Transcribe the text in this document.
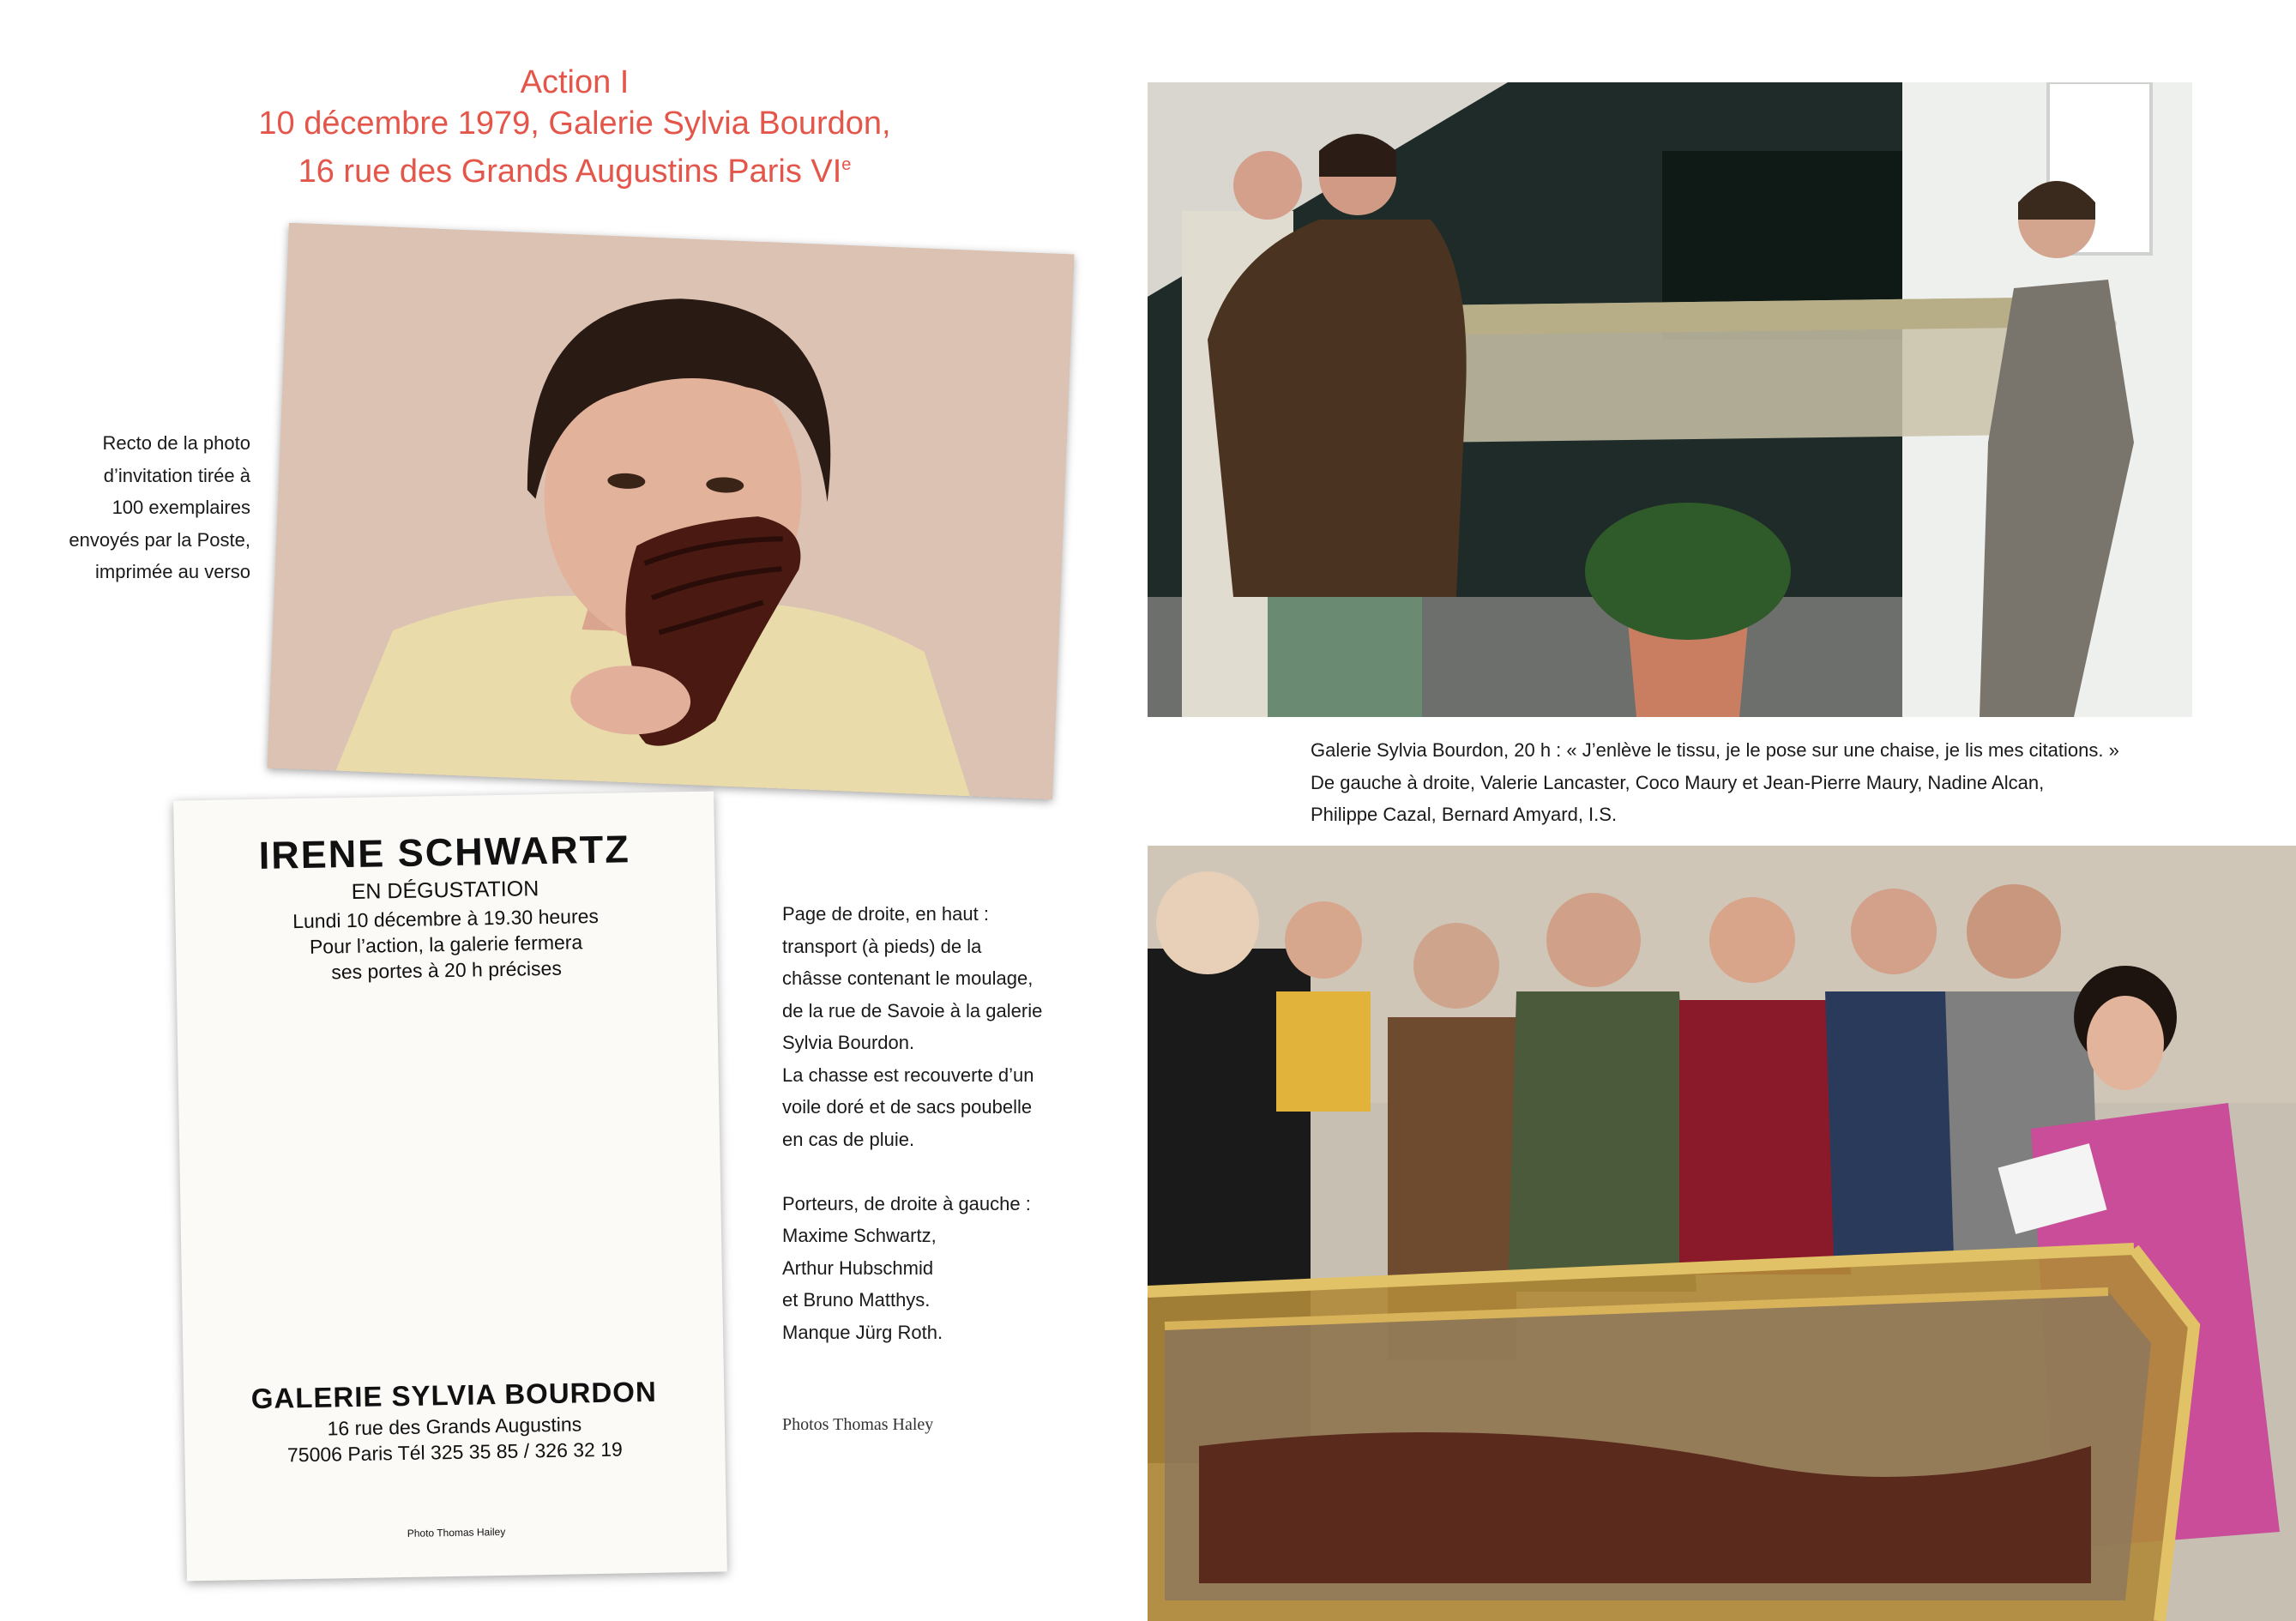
Action I
10 décembre 1979, Galerie Sylvia Bourdon,
16 rue des Grands Augustins Paris VIe
Recto de la photo
d’invitation tirée à
100 exemplaires
envoyés par la Poste,
imprimée au verso
IRENE SCHWARTZ
EN DÉGUSTATION
Lundi 10 décembre à 19.30 heures
Pour l’action, la galerie fermera
ses portes à 20 h précises
GALERIE SYLVIA BOURDON
16 rue des Grands Augustins
75006 Paris Tél 325 35 85 / 326 32 19
Photo Thomas Hailey

Page de droite, en haut :

transport (à pieds) de la

châsse contenant le moulage,

de la rue de Savoie à la galerie

Sylvia Bourdon.

La chasse est recouverte d’un

voile doré et de sacs poubelle

en cas de pluie.

Porteurs, de droite à gauche :

Maxime Schwartz,

Arthur Hubschmid

et Bruno Matthys.

Manque Jürg Roth.

Photos Thomas Haley

Galerie Sylvia Bourdon, 20 h : « J’enlève le tissu, je le pose sur une chaise, je lis mes citations. »

De gauche à droite, Valerie Lancaster, Coco Maury et Jean-Pierre Maury, Nadine Alcan,

Philippe Cazal, Bernard Amyard, I.S.
